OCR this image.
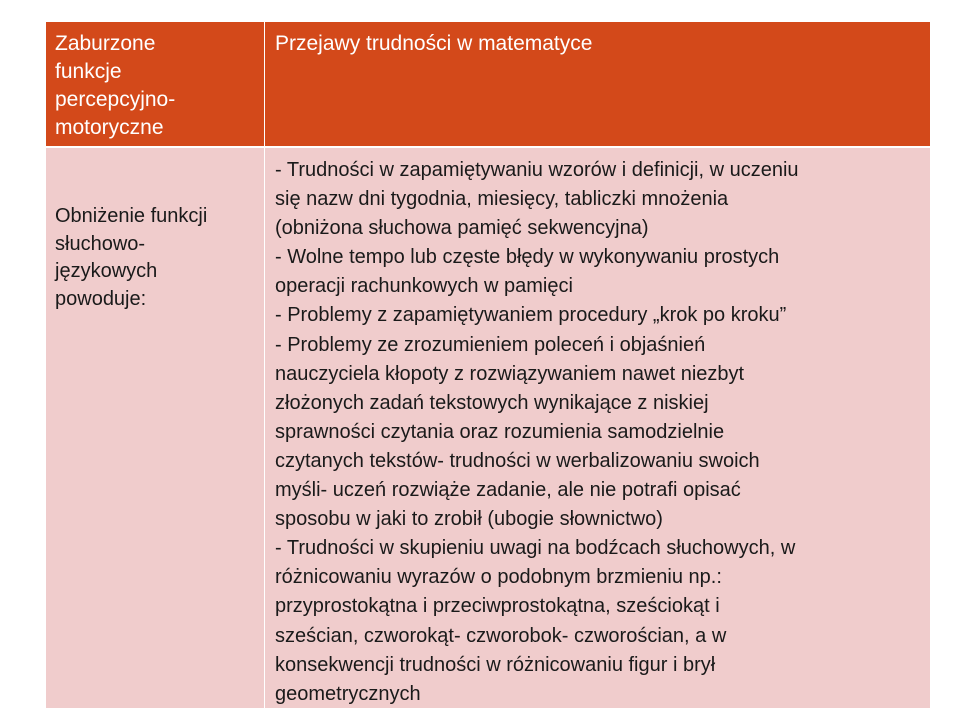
Zaburzone
funkcje
percepcyjno-
motoryczne
Przejawy trudności w matematyce
Obniżenie funkcji
słuchowo-
językowych
powoduje:
- Trudności w zapamiętywaniu wzorów i definicji, w uczeniu
się nazw dni tygodnia, miesięcy, tabliczki mnożenia
(obniżona słuchowa pamięć sekwencyjna)
- Wolne tempo lub częste błędy w wykonywaniu prostych
operacji rachunkowych w pamięci
- Problemy z zapamiętywaniem procedury „krok po kroku”
- Problemy ze zrozumieniem poleceń i objaśnień
nauczyciela kłopoty z rozwiązywaniem nawet niezbyt
złożonych zadań tekstowych wynikające z niskiej
sprawności czytania oraz rozumienia samodzielnie
czytanych tekstów- trudności w werbalizowaniu swoich
myśli- uczeń rozwiąże zadanie, ale nie potrafi opisać
sposobu w jaki to zrobił (ubogie słownictwo)
- Trudności w skupieniu uwagi na bodźcach słuchowych, w
różnicowaniu wyrazów o podobnym brzmieniu np.:
przyprostokątna i przeciwprostokątna, sześciokąt i
sześcian, czworokąt- czworobok- czworościan, a w
konsekwencji trudności w różnicowaniu figur i brył
geometrycznych
